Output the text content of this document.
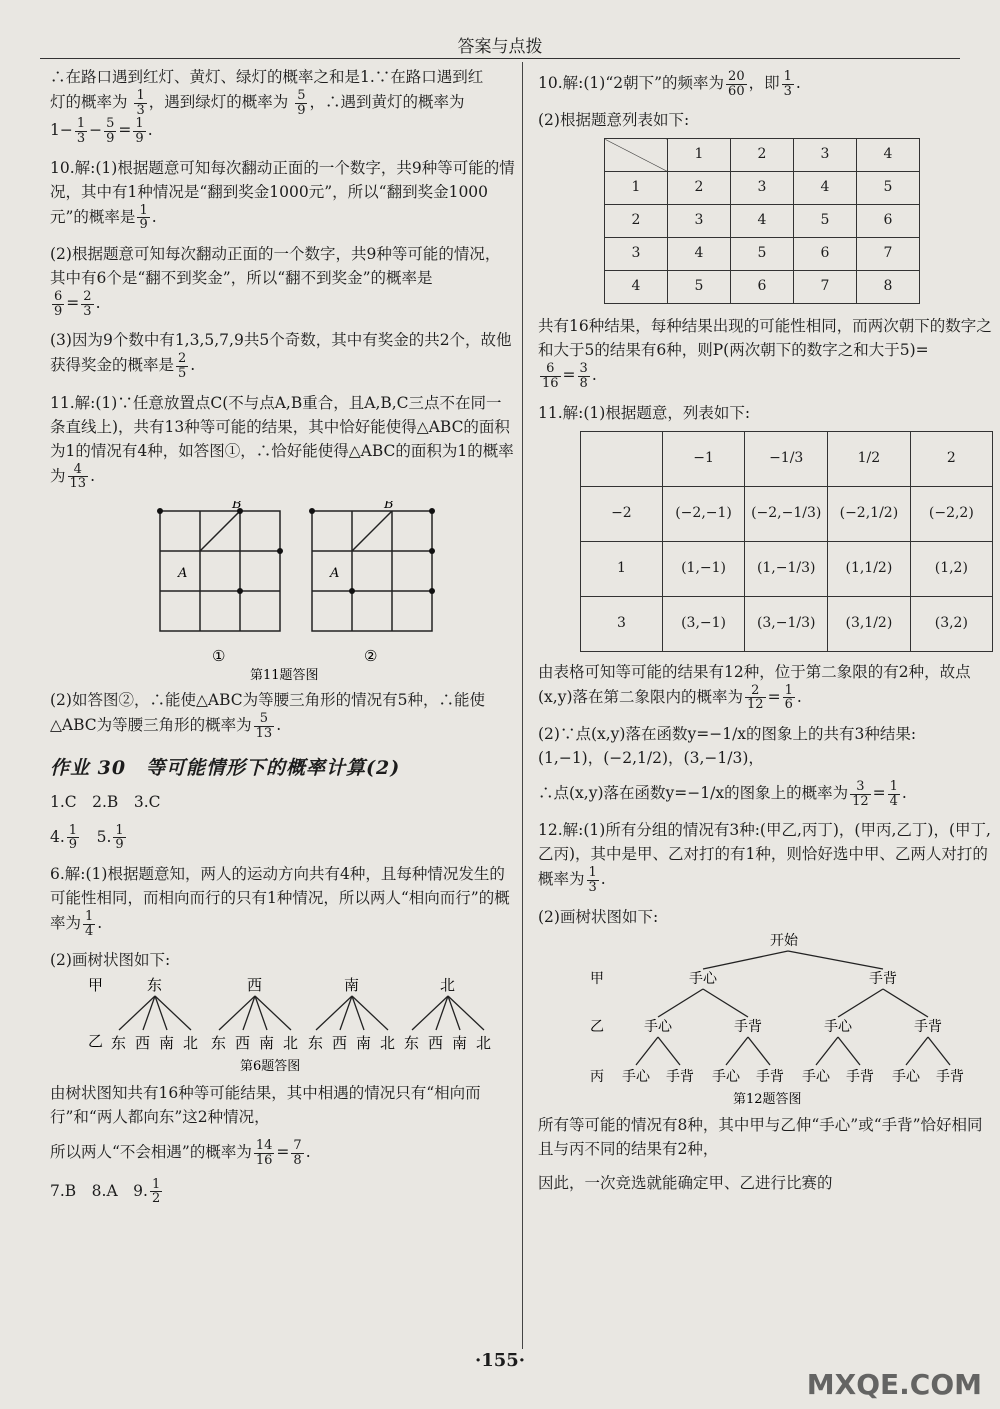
答案与点拨

∴在路口遇到红灯、黄灯、绿灯的概率之和是1.∵在路口遇到红
灯的概率为 $\frac{1}{3}$ ，遇到绿灯的概率为 $\frac{5}{9}$ ，∴遇到黄灯的概率为
$1- \frac{1}{3} - \frac{5}{9} = \frac{1}{9}$ .

10.解:(1)根据题意可知每次翻动正面的一个数字，共9种等可能的情况，其中有1种情况是“翻到奖金1000元”，所以“翻到奖金1000元”的概率是 $\frac{1}{9}$ .

(2)根据题意可知每次翻动正面的一个数字，共9种等可能的情况，其中有6个是“翻不到奖金”，所以“翻不到奖金”的概率是

$\frac{6}{9} = \frac{2}{3}$ .

(3)因为9个数中有1,3,5,7,9共5个奇数，其中有奖金的共2个，故他获得奖金的概率是 $\frac{2}{5}$ .

11.解:(1)∵任意放置点C(不与点A,B重合，且A,B,C三点不在同一条直线上)，共有13种等可能的结果，其中恰好能使得△ABC的面积为1的情况有4种，如答图①，∴恰好能使得△ABC的面积为1的概率为 $\frac{4}{13}$ .

B
A
①
B
A
②
第11题答图

(2)如答图②，∴能使△ABC为等腰三角形的情况有5种，∴能使△ABC为等腰三角形的概率为 $\frac{5}{13}$ .

作业 30　等可能情形下的概率计算(2)

1.C　2.B　3.C

4. $\frac{1}{9}$
　 5. $\frac{1}{9}$

6.解:(1)根据题意知，两人的运动方向共有4种，且每种情况发生的可能性相同，而相向而行的只有1种情况，所以两人“相向而行”的概率为 $\frac{1}{4}$ .

(2)画树状图如下:

甲
乙
东
东 西 南 北
西
东 西 南 北
南
东 西 南 北
北
东 西 南 北
第6题答图

由树状图知共有16种等可能结果，其中相遇的情况只有“相向而行”和“两人都向东”这2种情况，

所以两人“不会相遇”的概率为 $\frac{14}{16} = \frac{7}{8}$ .

7.B　8.A　9. $\frac{1}{2}$

10.解:(1)“2朝下”的频率为 $\frac{20}{60}$ ，即 $\frac{1}{3}$ .

(2)根据题意列表如下:

	1	2	3	4
1	2	3	4	5
2	3	4	5	6
3	4	5	6	7
4	5	6	7	8

共有16种结果，每种结果出现的可能性相同，而两次朝下的数字之和大于5的结果有6种，则P(两次朝下的数字之和大于5)=

$\frac{6}{16} = \frac{3}{8}$ .

11.解:(1)根据题意，列表如下:

	−1	−1/3	1/2	2
−2	(−2,−1)	(−2,−1/3)	(−2,1/2)	(−2,2)
1	(1,−1)	(1,−1/3)	(1,1/2)	(1,2)
3	(3,−1)	(3,−1/3)	(3,1/2)	(3,2)

由表格可知等可能的结果有12种，位于第二象限的有2种，故点(x,y)落在第二象限内的概率为 $\frac{2}{12} = \frac{1}{6}$ .

(2)∵点(x,y)落在函数y=−1/x的图象上的共有3种结果:
(1,−1)，(−2,1/2)，(3,−1/3)，

∴点(x,y)落在函数y=−1/x的图象上的概率为 $\frac{3}{12} = \frac{1}{4}$ .

12.解:(1)所有分组的情况有3种:(甲乙,丙丁)，(甲丙,乙丁)，(甲丁,乙丙)，其中是甲、乙对打的有1种，则恰好选中甲、乙两人对打的概率为 $\frac{1}{3}$ .

(2)画树状图如下:

开始
甲
乙
丙
手心
手心
手心 手背
手背
手心 手背
手背
手心
手心 手背
手背
手心 手背
第12题答图

所有等可能的情况有8种，其中甲与乙伸“手心”或“手背”恰好相同且与丙不同的结果有2种，

因此，一次竞选就能确定甲、乙进行比赛的

·155·
MXQE.COM
